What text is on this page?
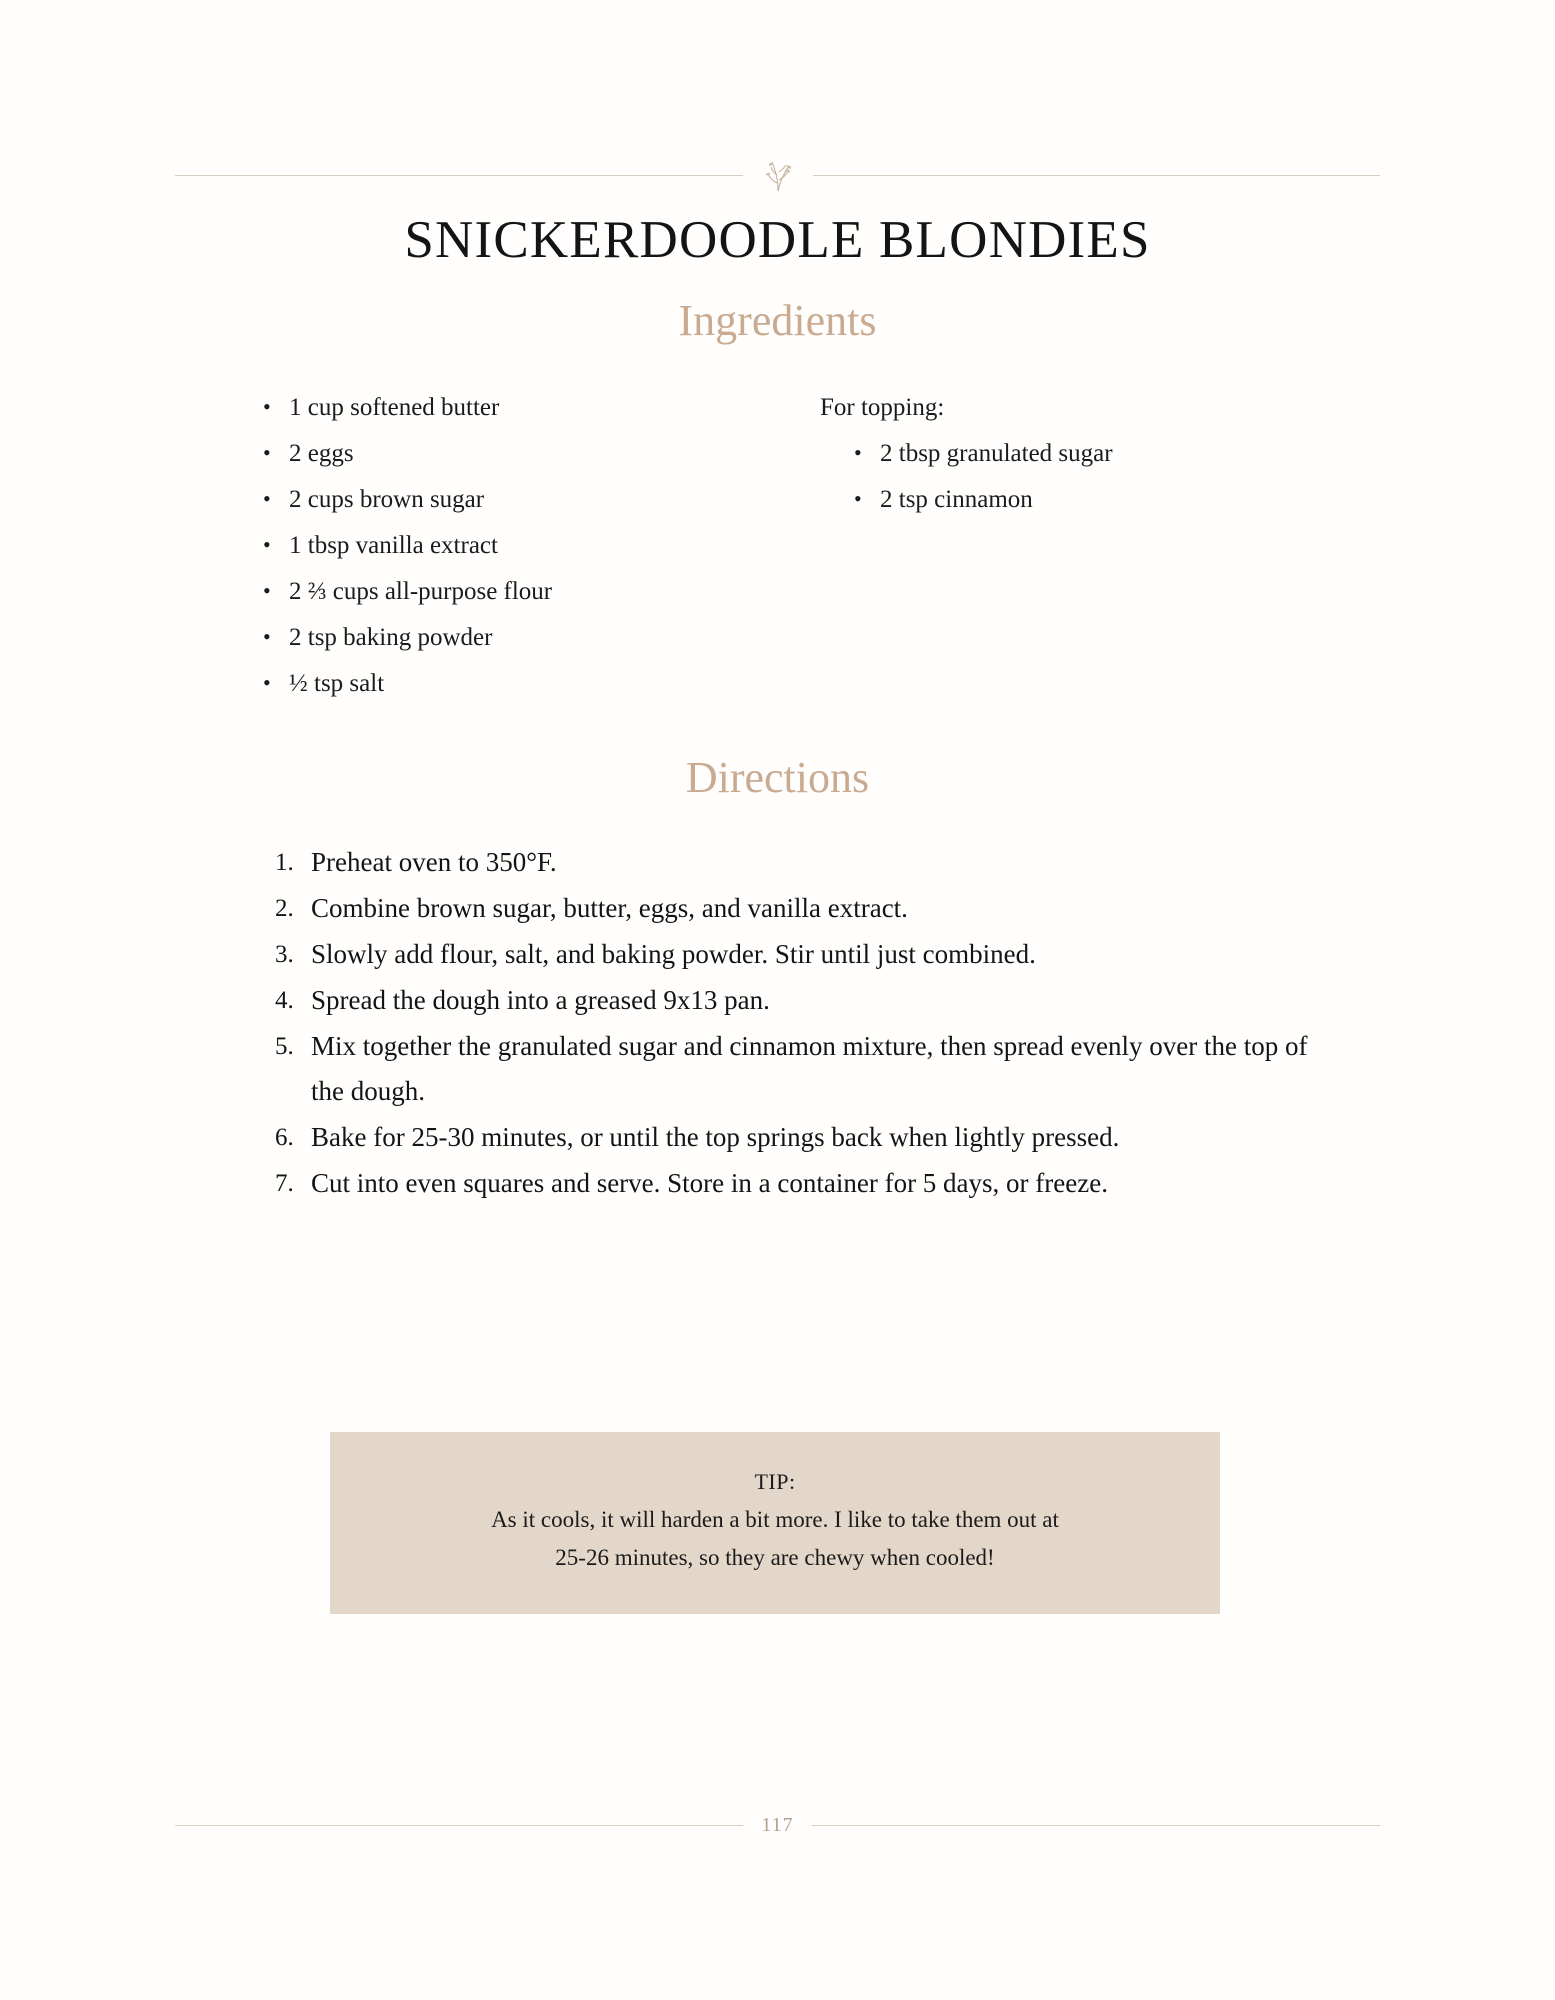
SNICKERDOODLE BLONDIES
Ingredients
• 1 cup softened butter
• 2 eggs
• 2 cups brown sugar
• 1 tbsp vanilla extract
• 2 ⅔ cups all-purpose flour
• 2 tsp baking powder
• ½ tsp salt
For topping:
• 2 tbsp granulated sugar
• 2 tsp cinnamon
Directions
Preheat oven to 350°F.
Combine brown sugar, butter, eggs, and vanilla extract.
Slowly add flour, salt, and baking powder. Stir until just combined.
Spread the dough into a greased 9x13 pan.
Mix together the granulated sugar and cinnamon mixture, then spread evenly over the top of the dough.
Bake for 25-30 minutes, or until the top springs back when lightly pressed.
Cut into even squares and serve. Store in a container for 5 days, or freeze.
TIP:
As it cools, it will harden a bit more. I like to take them out at
25-26 minutes, so they are chewy when cooled!
117
